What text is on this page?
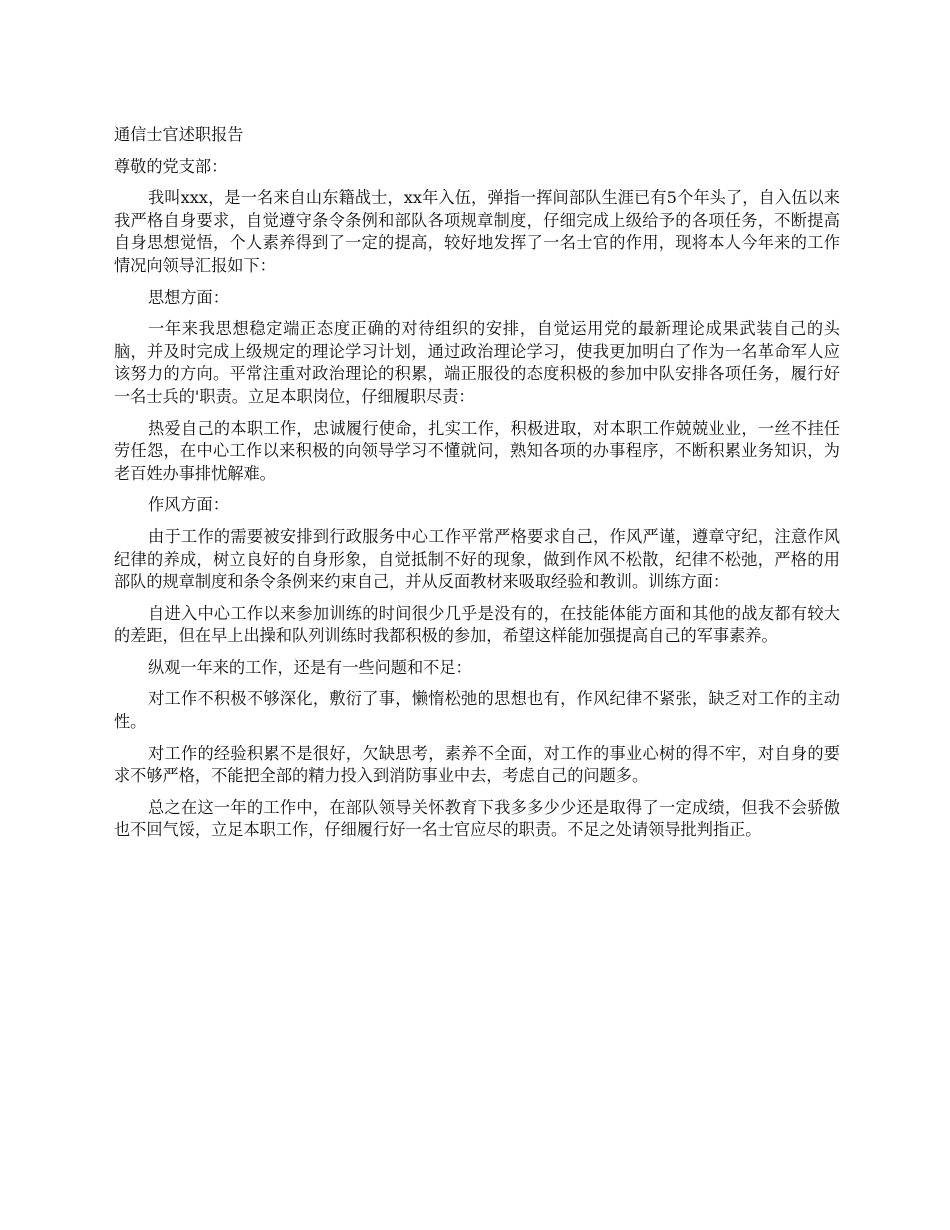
通信士官述职报告

尊敬的党支部：

我叫xxx，是一名来自山东籍战士，xx年入伍，弹指一挥间部队生涯已有5个年头了，自入伍以来我严格自身要求，自觉遵守条令条例和部队各项规章制度，仔细完成上级给予的各项任务，不断提高自身思想觉悟，个人素养得到了一定的提高，较好地发挥了一名士官的作用，现将本人今年来的工作情况向领导汇报如下：

思想方面：

一年来我思想稳定端正态度正确的对待组织的安排，自觉运用党的最新理论成果武装自己的头脑，并及时完成上级规定的理论学习计划，通过政治理论学习，使我更加明白了作为一名革命军人应该努力的方向。平常注重对政治理论的积累，端正服役的态度积极的参加中队安排各项任务，履行好一名士兵的'职责。立足本职岗位，仔细履职尽责：

热爱自己的本职工作，忠诚履行使命，扎实工作，积极进取，对本职工作兢兢业业，一丝不挂任劳任怨，在中心工作以来积极的向领导学习不懂就问，熟知各项的办事程序，不断积累业务知识，为老百姓办事排忧解难。

作风方面：

由于工作的需要被安排到行政服务中心工作平常严格要求自己，作风严谨，遵章守纪，注意作风纪律的养成，树立良好的自身形象，自觉抵制不好的现象，做到作风不松散，纪律不松弛，严格的用部队的规章制度和条令条例来约束自己，并从反面教材来吸取经验和教训。训练方面：

自进入中心工作以来参加训练的时间很少几乎是没有的，在技能体能方面和其他的战友都有较大的差距，但在早上出操和队列训练时我都积极的参加，希望这样能加强提高自己的军事素养。

纵观一年来的工作，还是有一些问题和不足：

对工作不积极不够深化，敷衍了事，懒惰松弛的思想也有，作风纪律不紧张，缺乏对工作的主动性。

对工作的经验积累不是很好，欠缺思考，素养不全面，对工作的事业心树的得不牢，对自身的要求不够严格，不能把全部的精力投入到消防事业中去，考虑自己的问题多。

总之在这一年的工作中，在部队领导关怀教育下我多多少少还是取得了一定成绩，但我不会骄傲也不回气馁，立足本职工作，仔细履行好一名士官应尽的职责。不足之处请领导批判指正。
